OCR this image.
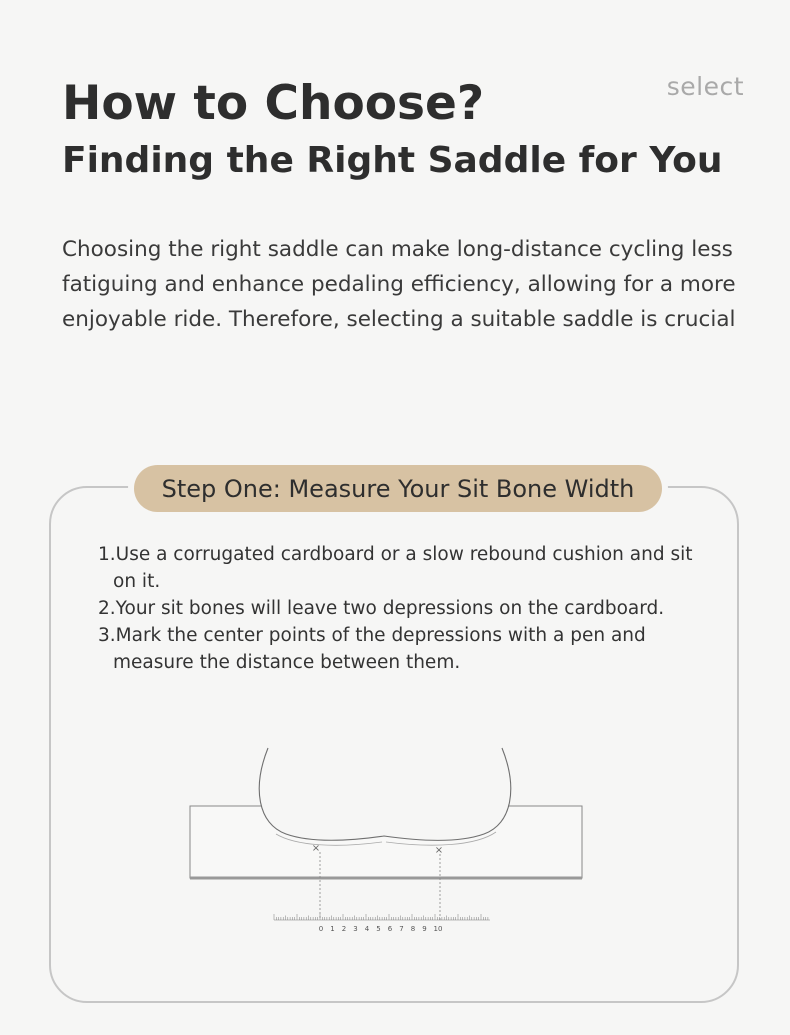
select
How to Choose?
Finding the Right Saddle for You

Choosing the right saddle can make long-distance cycling less fatiguing and enhance pedaling efficiency, allowing for a more enjoyable ride. Therefore, selecting a suitable saddle is crucial

Step One: Measure Your Sit Bone Width
1.Use a corrugated cardboard or a slow rebound cushion and sit on it.
2.Your sit bones will leave two depressions on the cardboard.
3.Mark the center points of the depressions with a pen and measure the distance between them.
×	×
0 1 2 3 4 5 6 7 8 9 10
